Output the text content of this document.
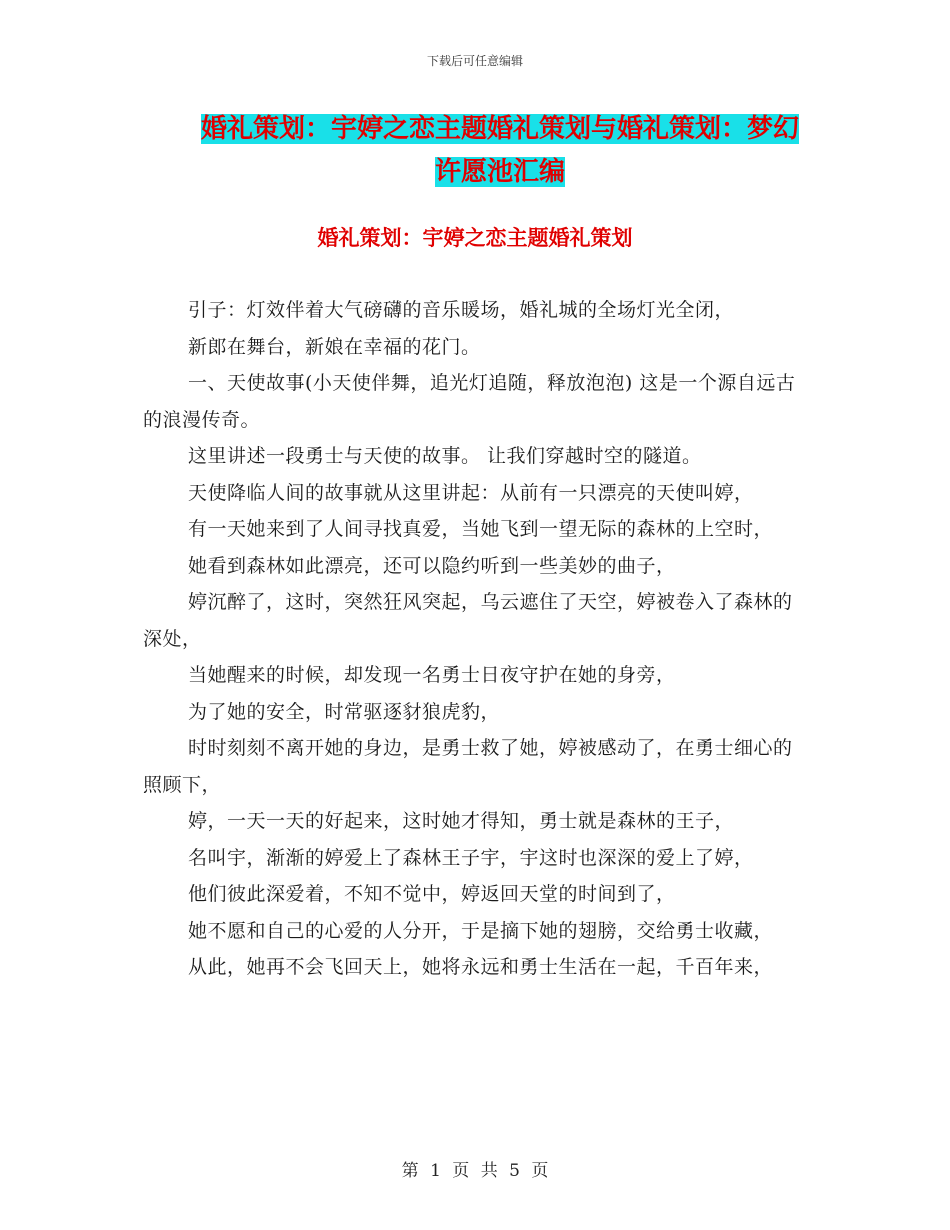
下载后可任意编辑
婚礼策划：宇婷之恋主题婚礼策划与婚礼策划：梦幻
许愿池汇编
婚礼策划：宇婷之恋主题婚礼策划

引子：灯效伴着大气磅礴的音乐暖场，婚礼城的全场灯光全闭，

新郎在舞台，新娘在幸福的花门。

一、天使故事(小天使伴舞，追光灯追随，释放泡泡) 这是一个源自远古的浪漫传奇。

这里讲述一段勇士与天使的故事。 让我们穿越时空的隧道。

天使降临人间的故事就从这里讲起：从前有一只漂亮的天使叫婷，

有一天她来到了人间寻找真爱，当她飞到一望无际的森林的上空时，

她看到森林如此漂亮，还可以隐约听到一些美妙的曲子，

婷沉醉了，这时，突然狂风突起，乌云遮住了天空，婷被卷入了森林的深处，

当她醒来的时候，却发现一名勇士日夜守护在她的身旁，

为了她的安全，时常驱逐豺狼虎豹，

时时刻刻不离开她的身边，是勇士救了她，婷被感动了，在勇士细心的照顾下，

婷，一天一天的好起来，这时她才得知，勇士就是森林的王子，

名叫宇，渐渐的婷爱上了森林王子宇，宇这时也深深的爱上了婷，

他们彼此深爱着，不知不觉中，婷返回天堂的时间到了，

她不愿和自己的心爱的人分开，于是摘下她的翅膀，交给勇士收藏，

从此，她再不会飞回天上，她将永远和勇士生活在一起，千百年来，

第 1 页 共 5 页
